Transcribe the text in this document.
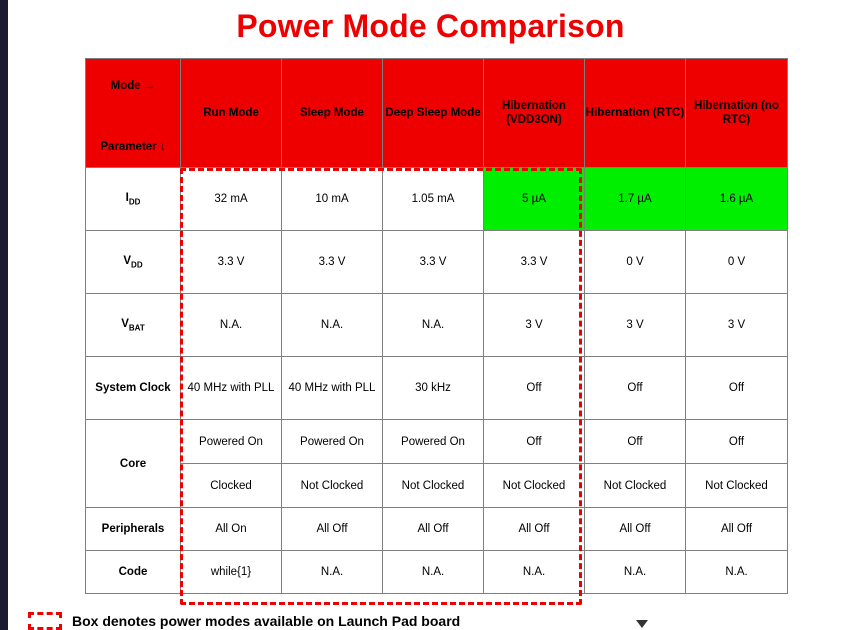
Power Mode Comparison
Mode →
Parameter ↓	Run Mode	Sleep Mode	Deep Sleep Mode	Hibernation (VDD3ON)	Hibernation (RTC)	Hibernation (no RTC)
$I_{DD}$	32 mA	10 mA	1.05 mA	5 µA	1.7 µA	1.6 µA
$V_{DD}$	3.3 V	3.3 V	3.3 V	3.3 V	0 V	0 V
$V_{BAT}$	N.A.	N.A.	N.A.	3 V	3 V	3 V
System Clock	40 MHz with PLL	40 MHz with PLL	30 kHz	Off	Off	Off
Core	Powered On	Powered On	Powered On	Off	Off	Off
	Clocked	Not Clocked	Not Clocked	Not Clocked	Not Clocked	Not Clocked
Peripherals	All On	All Off	All Off	All Off	All Off	All Off
Code	while{1}	N.A.	N.A.	N.A.	N.A.	N.A.
Box denotes power modes available on Launch Pad board
